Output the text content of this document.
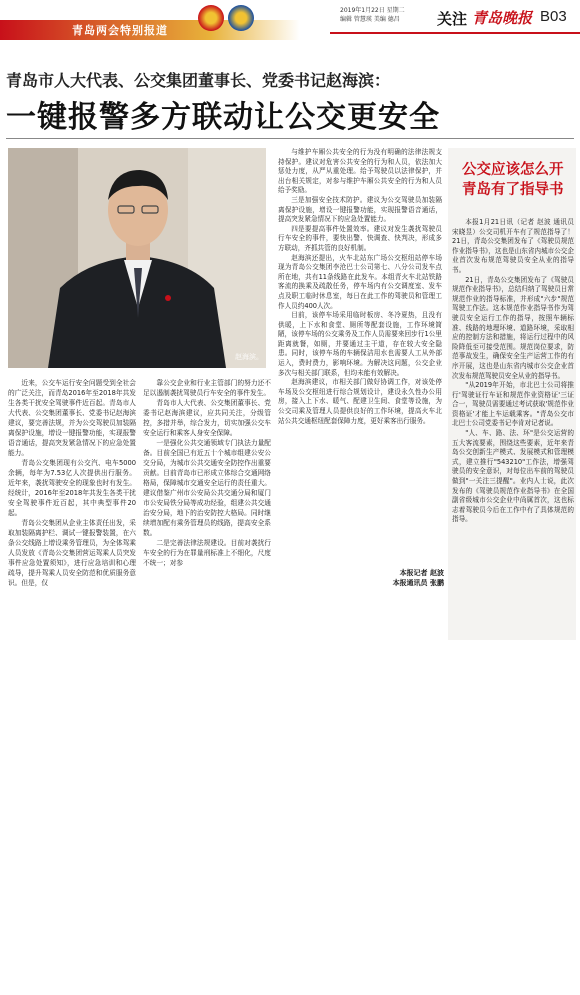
青岛两会特别报道
2019年1月22日 星期二
编辑 管慧瑛 美编 德昌	关注 青岛晚报 B03
青岛市人大代表、公交集团董事长、党委书记赵海滨：
一键报警多方联动让公交更安全
赵海滨。

近来，公交车运行安全问题受到全社会的广泛关注，而青岛2016年至2018年共发生各类干扰安全驾驶事件近百起。青岛市人大代表、公交集团董事长、党委书记赵海滨建议，要完善法规，并为公交驾驶员加装隔离保护设施，增设一键报警功能，实现报警语音通话，提高突发紧急情况下的应急处置能力。

青岛公交集团现有公交汽、电车5000余辆，每年为7.53亿人次提供出行服务。近年来，袭扰驾驶安全的现象也时有发生。经统计，2016年至2018年共发生各类干扰安全驾驶事件近百起，其中典型事件20起。

青岛公交集团从企业主体责任出发，采取加装隔离护栏、调试一键报警装置，在六条公交线路上增设乘务管理员，为全体驾乘人员发放《青岛公交集团营运驾乘人员突发事件应急处置须知》，进行应急培训和心理疏导，提升驾乘人员安全防范和优质服务意识。但是，仅

靠公交企业和行业主管部门的努力还不足以遏制袭扰驾驶员行车安全的事件发生。

青岛市人大代表、公交集团董事长、党委书记赵海滨建议，应共同关注，分级管控，多措并举，综合发力，切实加强公交车安全运行和乘客人身安全保障。

一是强化公共交通领域专门执法力量配备。目前全国已有近五十个城市组建公安公交分局，为城市公共交通安全防控作出重要贡献。目前青岛市已形成立体综合交通网络格局，保障城市交通安全运行的责任重大。建议借鉴广州市公安局公共交通分局和厦门市公安局铁分局等成功经验，组建公共交通治安分局，地下的治安防控大格局。同时继续增加配有乘务管理员的线路，提高安全系数。

二是完善法律法规建设。目前对袭扰行车安全的行为在罪量刑标准上不细化，尺度不统一；对参

与维护车厢公共安全的行为没有明确的法律法规支持保护。建议对危害公共安全的行为和人员，依法加大惩处力度，从严从重处理。给予驾驶员以法律保护，并出台相关规定，对参与维护车厢公共安全的行为和人员给予奖励。

三是加强安全技术防护。建议为公交驾驶员加装隔离保护设施，增设一键报警功能，实现报警语音通话，提高突发紧急情况下的应急处置能力。

四是要提高事件处置效率。建议对发生袭扰驾驶员行车安全的事件，要快出警、快调查、快判决，形成多方联动，齐抓共管的良好机制。

赵海滨还提出，火车北站东广场公交枢纽站停车场现为青岛公交集团李沧巴士公司第七、八分公司发车点所在地，共有11条线路在此发车。本组青火车北站铁路客流的换乘及疏散任务，停车场内有公交调度室、发车点及职工临时休息室，每日在此工作的驾驶员和管理工作人员约400人次。

目前，该停车场采用临时板房、冬冷夏热，且没有供暖，上下水和食堂、厕所等配套设施，工作环境简陋，该停车场的公交乘务及工作人员需要来回步行1公里距离就餐，如厕，并要通过主干道，存在较大安全隐患。同时，该停车场的车辆保洁用水也需要人工从外部运入，费时费力，影响环境。为解决这问题，公交企业多次与相关部门联系，但均未能有效解决。

赵海滨建议，市相关部门做好协调工作，对该处停车场及公交枢纽进行综合规划设计，建设永久性办公用房，接入上下水、暖气、配建卫生间、食堂等设施，为公交司乘及管理人员提供良好的工作环境，提高火车北站公共交通枢纽配套保障力度，更好乘客出行服务。

本报记者 赵波
本报通讯员 张鹏
公交应该怎么开
青岛有了指导书

本报1月21日讯（记者 赵波 通讯员 宋晓昱）公交司机开车有了规范指导了！21日，青岛公交集团发布了《驾驶员规范作业指导书》，这也是山东省内城市公交企业首次发布规范驾驶员安全从业的指导书。

21日，青岛公交集团发布了《驾驶员规范作业指导书》，总结归纳了驾驶员日常规范作业的指导标准，并形成"六步"规范驾驶工作法。这本规范作业指导书作为驾驶员安全运行工作的指导，按照车辆标准、线路的地理环境、道路环境，采取相应的控制方法和措施，将运行过程中的风险降低至可接受范围。规范岗位要求，防范事故发生，确保安全生产运营工作的有序开展，这也是山东省内城市公交企业首次发布规范驾驶员安全从业的指导书。

"从2019年开始，市北巴士公司将推行'驾驶证行车证和规范作业资格证'三证合一，驾驶员需要通过考试获取'规范作业资格证'才能上车运载乘客。"青岛公交市北巴士公司党委书记李肯对记者说。

"人、车、路、法、环"是公交运营的五大客流要素，围绕这些要素，近年来青岛公交创新生产模式、发展模式和管理模式，建立推行"543210"工作法，增强驾驶员的安全意识，对每位出车前的驾驶员做到"一关注三提醒"。业内人士说，此次发布的《驾驶员规范作业指导书》在全国副省级城市公交企业中尚属首次，这也标志着驾驶员今后在工作中有了具体规范的指导。
